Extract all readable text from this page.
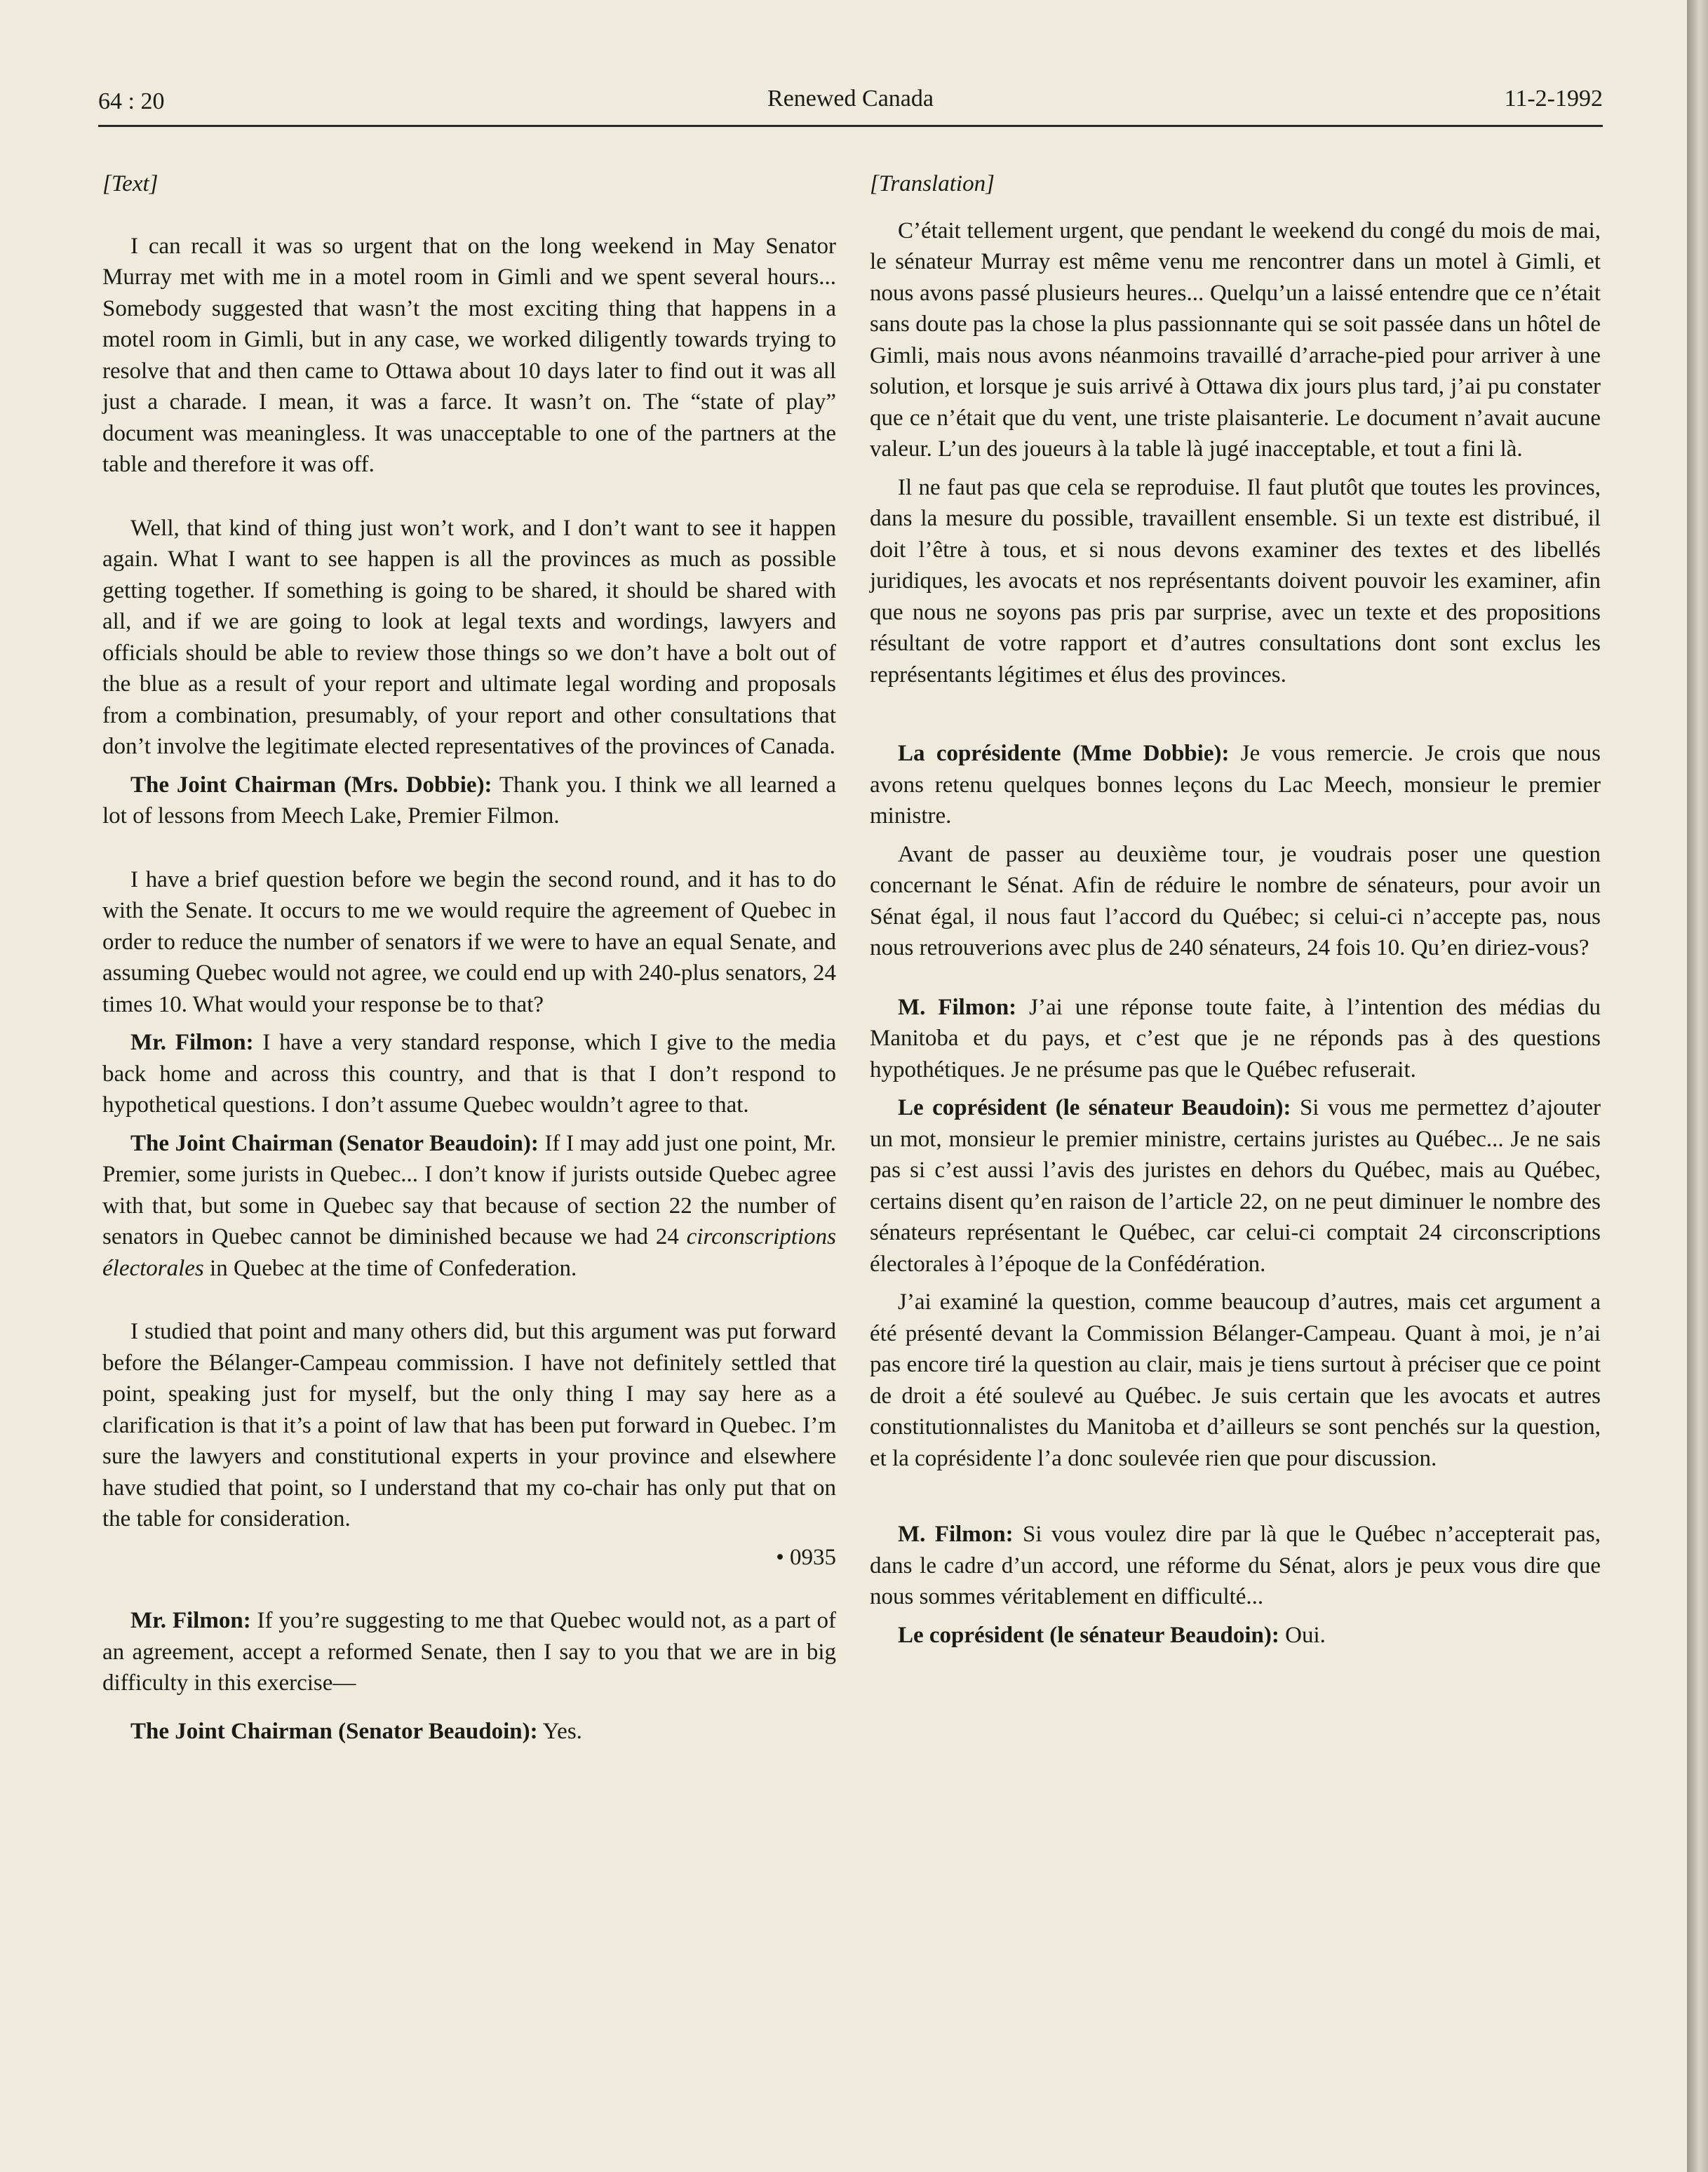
64 : 20	Renewed Canada	11-2-1992

[Text]

I can recall it was so urgent that on the long weekend in May Senator Murray met with me in a motel room in Gimli and we spent several hours... Somebody suggested that wasn’t the most exciting thing that happens in a motel room in Gimli, but in any case, we worked diligently towards trying to resolve that and then came to Ottawa about 10 days later to find out it was all just a charade. I mean, it was a farce. It wasn’t on. The “state of play” document was meaningless. It was unacceptable to one of the partners at the table and therefore it was off.

Well, that kind of thing just won’t work, and I don’t want to see it happen again. What I want to see happen is all the provinces as much as possible getting together. If something is going to be shared, it should be shared with all, and if we are going to look at legal texts and wordings, lawyers and officials should be able to review those things so we don’t have a bolt out of the blue as a result of your report and ultimate legal wording and proposals from a combination, presumably, of your report and other consultations that don’t involve the legitimate elected representatives of the provinces of Canada.

The Joint Chairman (Mrs. Dobbie): Thank you. I think we all learned a lot of lessons from Meech Lake, Premier Filmon.

I have a brief question before we begin the second round, and it has to do with the Senate. It occurs to me we would require the agreement of Quebec in order to reduce the number of senators if we were to have an equal Senate, and assuming Quebec would not agree, we could end up with 240-plus senators, 24 times 10. What would your response be to that?

Mr. Filmon: I have a very standard response, which I give to the media back home and across this country, and that is that I don’t respond to hypothetical questions. I don’t assume Quebec wouldn’t agree to that.

The Joint Chairman (Senator Beaudoin): If I may add just one point, Mr. Premier, some jurists in Quebec... I don’t know if jurists outside Quebec agree with that, but some in Quebec say that because of section 22 the number of senators in Quebec cannot be diminished because we had 24 circonscriptions électorales in Quebec at the time of Confederation.

I studied that point and many others did, but this argument was put forward before the Bélanger-Campeau commission. I have not definitely settled that point, speaking just for myself, but the only thing I may say here as a clarification is that it’s a point of law that has been put forward in Quebec. I’m sure the lawyers and constitutional experts in your province and elsewhere have studied that point, so I understand that my co-chair has only put that on the table for consideration.

• 0935

Mr. Filmon: If you’re suggesting to me that Quebec would not, as a part of an agreement, accept a reformed Senate, then I say to you that we are in big difficulty in this exercise—

The Joint Chairman (Senator Beaudoin): Yes.

[Translation]

C’était tellement urgent, que pendant le weekend du congé du mois de mai, le sénateur Murray est même venu me rencontrer dans un motel à Gimli, et nous avons passé plusieurs heures... Quelqu’un a laissé entendre que ce n’était sans doute pas la chose la plus passionnante qui se soit passée dans un hôtel de Gimli, mais nous avons néanmoins travaillé d’arrache-pied pour arriver à une solution, et lorsque je suis arrivé à Ottawa dix jours plus tard, j’ai pu constater que ce n’était que du vent, une triste plaisanterie. Le document n’avait aucune valeur. L’un des joueurs à la table là jugé inacceptable, et tout a fini là.

Il ne faut pas que cela se reproduise. Il faut plutôt que toutes les provinces, dans la mesure du possible, travaillent ensemble. Si un texte est distribué, il doit l’être à tous, et si nous devons examiner des textes et des libellés juridiques, les avocats et nos représentants doivent pouvoir les examiner, afin que nous ne soyons pas pris par surprise, avec un texte et des propositions résultant de votre rapport et d’autres consultations dont sont exclus les représentants légitimes et élus des provinces.

La coprésidente (Mme Dobbie): Je vous remercie. Je crois que nous avons retenu quelques bonnes leçons du Lac Meech, monsieur le premier ministre.

Avant de passer au deuxième tour, je voudrais poser une question concernant le Sénat. Afin de réduire le nombre de sénateurs, pour avoir un Sénat égal, il nous faut l’accord du Québec; si celui-ci n’accepte pas, nous nous retrouverions avec plus de 240 sénateurs, 24 fois 10. Qu’en diriez-vous?

M. Filmon: J’ai une réponse toute faite, à l’intention des médias du Manitoba et du pays, et c’est que je ne réponds pas à des questions hypothétiques. Je ne présume pas que le Québec refuserait.

Le coprésident (le sénateur Beaudoin): Si vous me permettez d’ajouter un mot, monsieur le premier ministre, certains juristes au Québec... Je ne sais pas si c’est aussi l’avis des juristes en dehors du Québec, mais au Québec, certains disent qu’en raison de l’article 22, on ne peut diminuer le nombre des sénateurs représentant le Québec, car celui-ci comptait 24 circonscriptions électorales à l’époque de la Confédération.

J’ai examiné la question, comme beaucoup d’autres, mais cet argument a été présenté devant la Commission Bélanger-Campeau. Quant à moi, je n’ai pas encore tiré la question au clair, mais je tiens surtout à préciser que ce point de droit a été soulevé au Québec. Je suis certain que les avocats et autres constitutionnalistes du Manitoba et d’ailleurs se sont penchés sur la question, et la coprésidente l’a donc soulevée rien que pour discussion.

M. Filmon: Si vous voulez dire par là que le Québec n’accepterait pas, dans le cadre d’un accord, une réforme du Sénat, alors je peux vous dire que nous sommes véritablement en difficulté...

Le coprésident (le sénateur Beaudoin): Oui.
